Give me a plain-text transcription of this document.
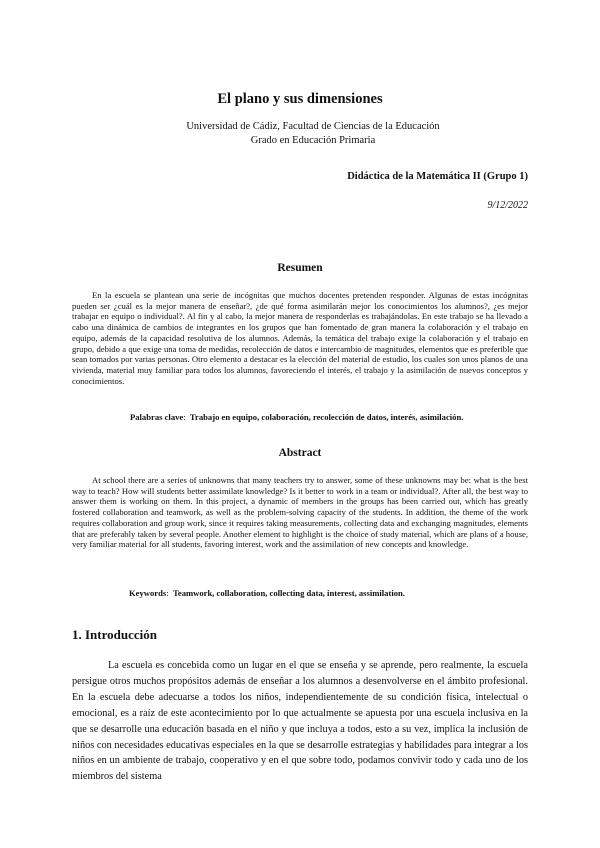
El plano y sus dimensiones
Universidad de Cádiz, Facultad de Ciencias de la Educación
Grado en Educación Primaria
Didáctica de la Matemática II (Grupo 1)
9/12/2022
Resumen
En la escuela se plantean una serie de incógnitas que muchos docentes pretenden responder. Algunas de estas incógnitas pueden ser ¿cuál es la mejor manera de enseñar?, ¿de qué forma asimilarán mejor los conocimientos los alumnos?, ¿es mejor trabajar en equipo o individual?. Al fin y al cabo, la mejor manera de responderlas es trabajándolas. En este trabajo se ha llevado a cabo una dinámica de cambios de integrantes en los grupos que han fomentado de gran manera la colaboración y el trabajo en equipo, además de la capacidad resolutiva de los alumnos. Además, la temática del trabajo exige la colaboración y el trabajo en grupo, debido a que exige una toma de medidas, recolección de datos e intercambio de magnitudes, elementos que es preferible que sean tomados por varias personas. Otro elemento a destacar es la elección del material de estudio, los cuales son unos planos de una vivienda, material muy familiar para todos los alumnos, favoreciendo el interés, el trabajo y la asimilación de nuevos conceptos y conocimientos.
Palabras clave:  Trabajo en equipo, colaboración, recolección de datos, interés, asimilación.
Abstract
At school there are a series of unknowns that many teachers try to answer, some of these unknowns may be: what is the best way to teach? How will students better assimilate knowledge? Is it better to work in a team or individual?. After all, the best way to answer them is working on them. In this project, a dynamic of members in the groups has been carried out, which has greatly fostered collaboration and teamwork, as well as the problem-solving capacity of the students. In addition, the theme of the work requires collaboration and group work, since it requires taking measurements, collecting data and exchanging magnitudes, elements that are preferably taken by several people. Another element to highlight is the choice of study material, which are plans of a house, very familiar material for all students, favoring interest, work and the assimilation of new concepts and knowledge.
Keywords:  Teamwork, collaboration, collecting data, interest, assimilation.
1. Introducción
La escuela es concebida como un lugar en el que se enseña y se aprende, pero realmente, la escuela persigue otros muchos propósitos además de enseñar a los alumnos a desenvolverse en el ámbito profesional. En la escuela debe adecuarse a todos los niños, independientemente de su condición física, intelectual o emocional, es a raíz de este acontecimiento por lo que actualmente se apuesta por una escuela inclusiva en la que se desarrolle una educación basada en el niño y que incluya a todos, esto a su vez, implica la inclusión de niños con necesidades educativas especiales en la que se desarrolle estrategias y habilidades para integrar a los niños en un ambiente de trabajo, cooperativo y en el que sobre todo, podamos convivir todo y cada uno de los miembros del sistema
